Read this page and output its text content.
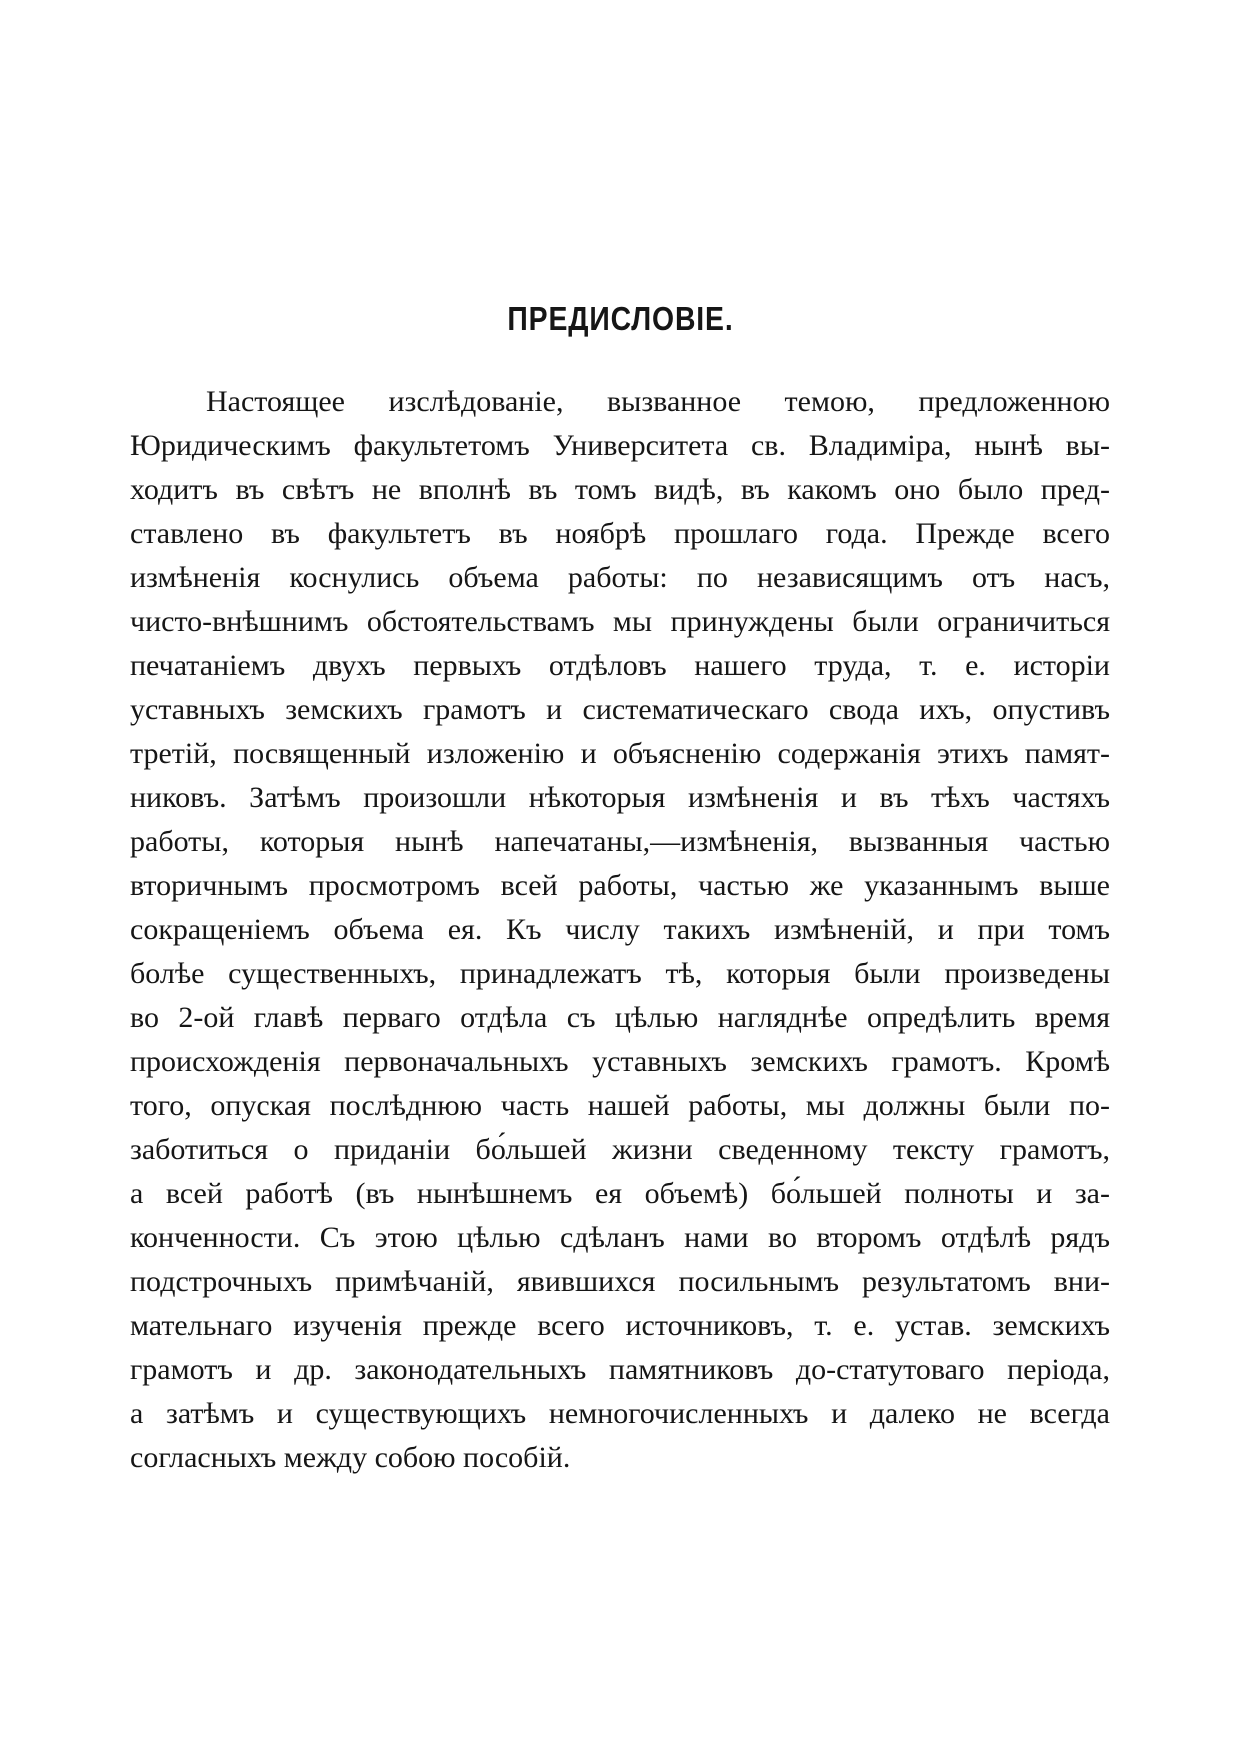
ПРЕДИСЛОВІЕ.
Настоящее изслѣдованіе, вызванное темою, предложенною
Юридическимъ факультетомъ Университета св. Владиміра, нынѣ вы-
ходитъ въ свѣтъ не вполнѣ въ томъ видѣ, въ какомъ оно было пред-
ставлено въ факультетъ въ ноябрѣ прошлаго года. Прежде всего
измѣненія коснулись объема работы: по независящимъ отъ насъ,
чисто-внѣшнимъ обстоятельствамъ мы принуждены были ограничиться
печатаніемъ двухъ первыхъ отдѣловъ нашего труда, т. е. исторіи
уставныхъ земскихъ грамотъ и систематическаго свода ихъ, опустивъ
третій, посвященный изложенію и объясненію содержанія этихъ памят-
никовъ. Затѣмъ произошли нѣкоторыя измѣненія и въ тѣхъ частяхъ
работы, которыя нынѣ напечатаны,—измѣненія, вызванныя частью
вторичнымъ просмотромъ всей работы, частью же указаннымъ выше
сокращеніемъ объема ея. Къ числу такихъ измѣненій, и при томъ
болѣе существенныхъ, принадлежатъ тѣ, которыя были произведены
во 2-ой главѣ перваго отдѣла съ цѣлью нагляднѣе опредѣлить время
происхожденія первоначальныхъ уставныхъ земскихъ грамотъ. Кромѣ
того, опуская послѣднюю часть нашей работы, мы должны были по-
заботиться о приданіи бо́льшей жизни сведенному тексту грамотъ,
а всей работѣ (въ нынѣшнемъ ея объемѣ) бо́льшей полноты и за-
конченности. Съ этою цѣлью сдѣланъ нами во второмъ отдѣлѣ рядъ
подстрочныхъ примѣчаній, явившихся посильнымъ результатомъ вни-
мательнаго изученія прежде всего источниковъ, т. е. устав. земскихъ
грамотъ и др. законодательныхъ памятниковъ до-статутоваго періода,
а затѣмъ и существующихъ немногочисленныхъ и далеко не всегда
согласныхъ между собою пособій.
